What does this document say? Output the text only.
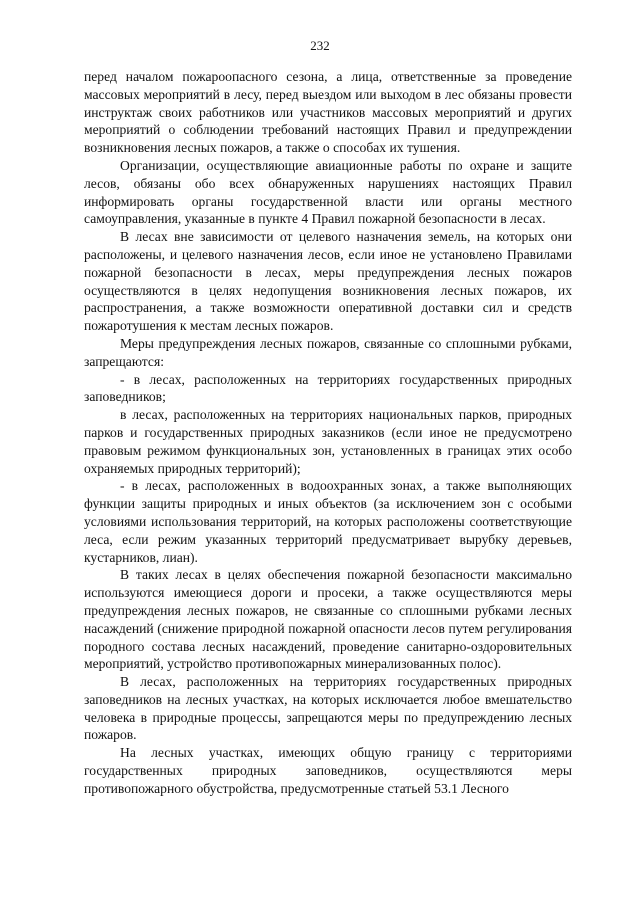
232

перед началом пожароопасного сезона, а лица, ответственные за проведение массовых мероприятий в лесу, перед выездом или выходом в лес обязаны провести инструктаж своих работников или участников массовых мероприятий и других мероприятий о соблюдении требований настоящих Правил и предупреждении возникновения лесных пожаров, а также о способах их тушения.

Организации, осуществляющие авиационные работы по охране и защите лесов, обязаны обо всех обнаруженных нарушениях настоящих Правил информировать органы государственной власти или органы местного самоуправления, указанные в пункте 4 Правил пожарной безопасности в лесах.

В лесах вне зависимости от целевого назначения земель, на которых они расположены, и целевого назначения лесов, если иное не установлено Правилами пожарной безопасности в лесах, меры предупреждения лесных пожаров осуществляются в целях недопущения возникновения лесных пожаров, их распространения, а также возможности оперативной доставки сил и средств пожаротушения к местам лесных пожаров.

Меры предупреждения лесных пожаров, связанные со сплошными рубками, запрещаются:

- в лесах, расположенных на территориях государственных природных заповедников;

в лесах, расположенных на территориях национальных парков, природных парков и государственных природных заказников (если иное не предусмотрено правовым режимом функциональных зон, установленных в границах этих особо охраняемых природных территорий);

- в лесах, расположенных в водоохранных зонах, а также выполняющих функции защиты природных и иных объектов (за исключением зон с особыми условиями использования территорий, на которых расположены соответствующие леса, если режим указанных территорий предусматривает вырубку деревьев, кустарников, лиан).

В таких лесах в целях обеспечения пожарной безопасности максимально используются имеющиеся дороги и просеки, а также осуществляются меры предупреждения лесных пожаров, не связанные со сплошными рубками лесных насаждений (снижение природной пожарной опасности лесов путем регулирования породного состава лесных насаждений, проведение санитарно-оздоровительных мероприятий, устройство противопожарных минерализованных полос).

В лесах, расположенных на территориях государственных природных заповедников на лесных участках, на которых исключается любое вмешательство человека в природные процессы, запрещаются меры по предупреждению лесных пожаров.

На лесных участках, имеющих общую границу с территориями государственных природных заповедников, осуществляются меры противопожарного обустройства, предусмотренные статьей 53.1 Лесного
